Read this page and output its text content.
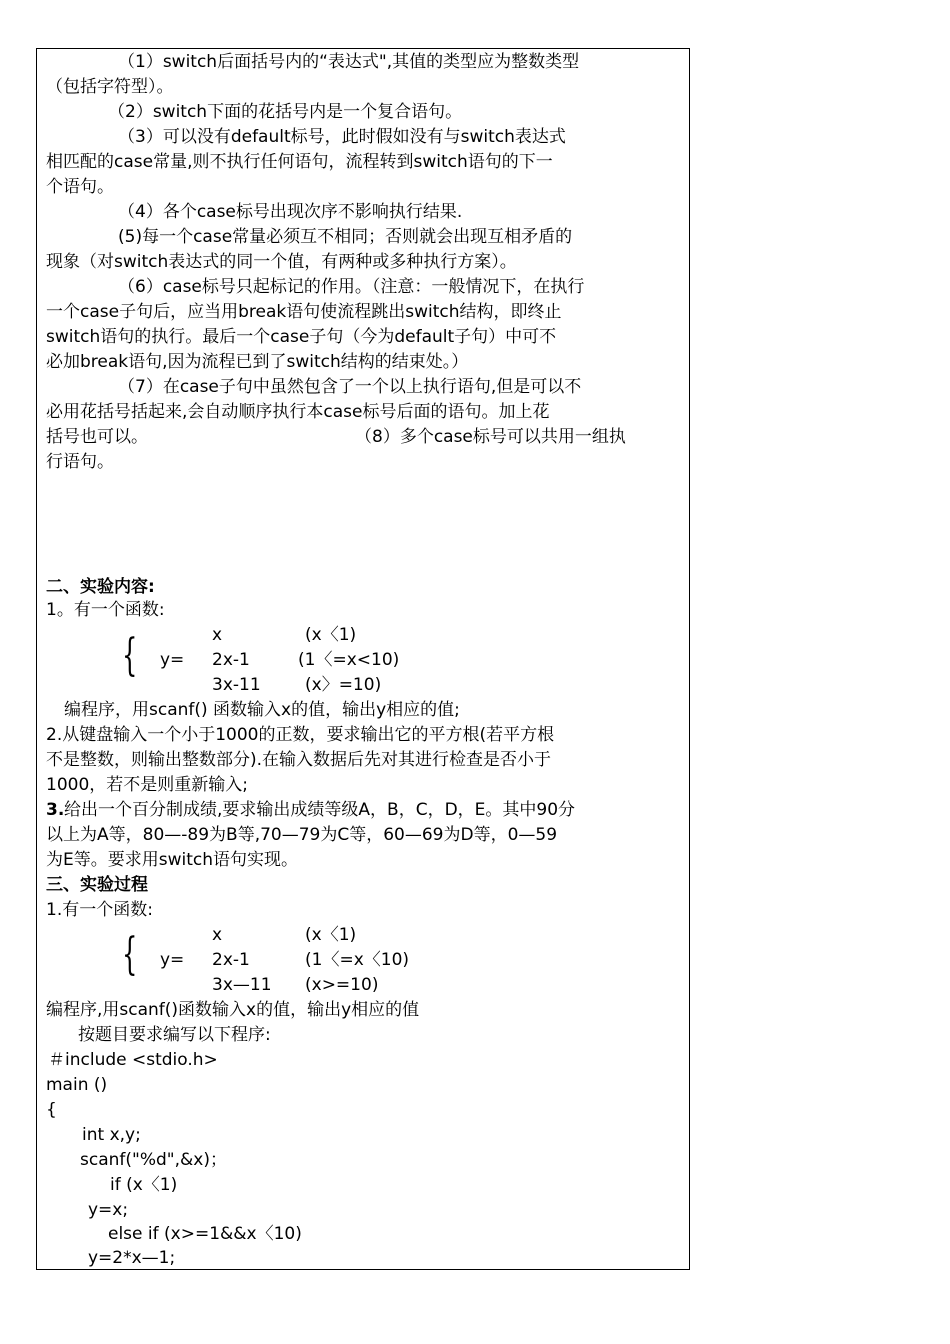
（1）switch后面括号内的“表达式",其值的类型应为整数类型
（包括字符型）。
（2）switch下面的花括号内是一个复合语句。
（3）可以没有default标号，此时假如没有与switch表达式
相匹配的case常量,则不执行任何语句，流程转到switch语句的下一
个语句。
（4）各个case标号出现次序不影响执行结果.
(5)每一个case常量必须互不相同；否则就会出现互相矛盾的
现象（对switch表达式的同一个值，有两种或多种执行方案）。
（6）case标号只起标记的作用。（注意：一般情况下，在执行
一个case子句后，应当用break语句使流程跳出switch结构，即终止
switch语句的执行。最后一个case子句（今为default子句）中可不
必加break语句,因为流程已到了switch结构的结束处。）
（7）在case子句中虽然包含了一个以上执行语句,但是可以不
必用花括号括起来,会自动顺序执行本case标号后面的语句。加上花
括号也可以。	（8）多个case标号可以共用一组执
行语句。
二、实验内容:
1。有一个函数:
{ y=
x	(x〈1)
2x-1	(1〈=x<10)
3x-11	(x〉=10)
编程序，用scanf() 函数输入x的值，输出y相应的值;
2.从键盘输入一个小于1000的正数，要求输出它的平方根(若平方根
不是整数，则输出整数部分).在输入数据后先对其进行检查是否小于
1000，若不是则重新输入;
3. 给出一个百分制成绩,要求输出成绩等级A，B，C，D，E。其中90分
以上为A等，80—-89为B等,70—79为C等，60—69为D等，0—59
为E等。要求用switch语句实现。
三、实验过程
1.有一个函数:
{ y=
x	(x〈1)
2x-1	(1〈=x〈10)
3x—11 (x>=10)
编程序,用scanf()函数输入x的值，输出y相应的值
按题目要求编写以下程序:
＃include <stdio.h>
main ()
{
int x,y;
scanf("%d",&x)；
if (x〈1)
y=x;
else if (x>=1&&x〈10)
y=2*x—1;
